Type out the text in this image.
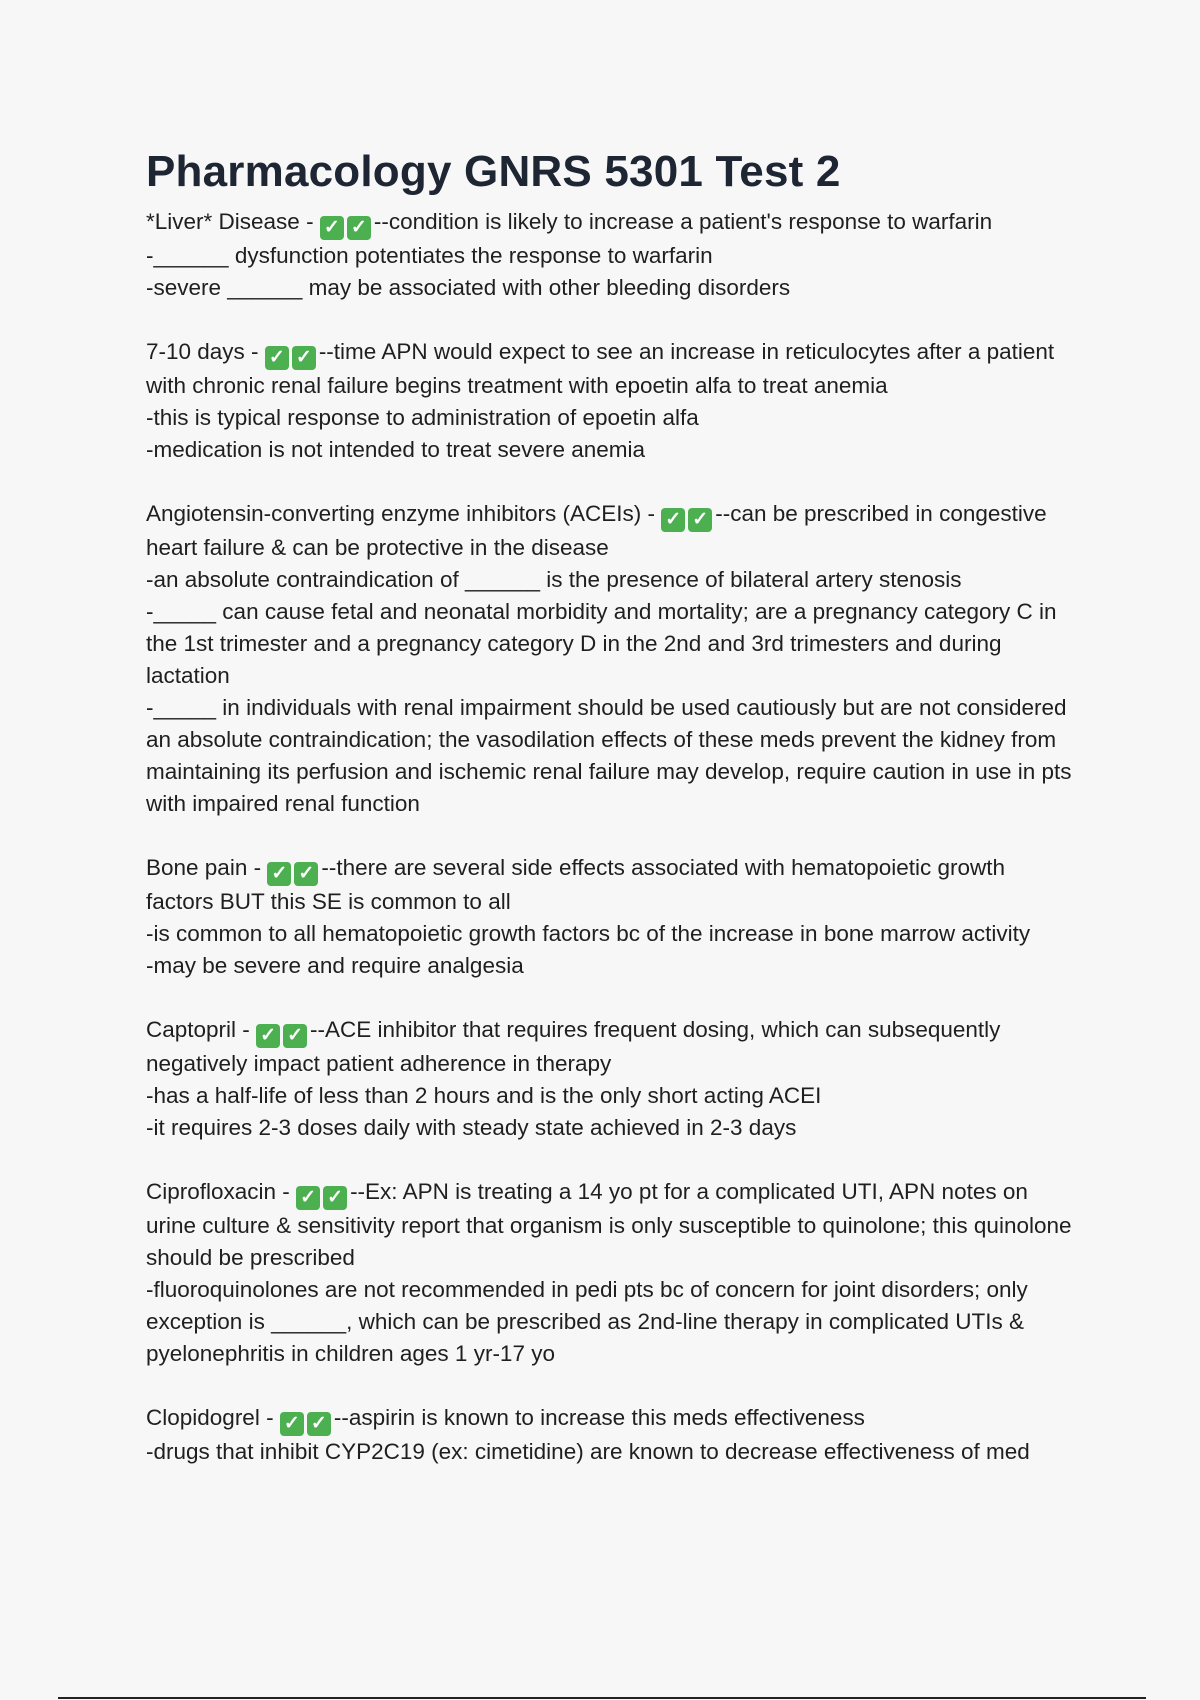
Pharmacology GNRS 5301 Test 2

*Liver* Disease - ✓ ✓ --condition is likely to increase a patient's response to warfarin

-______ dysfunction potentiates the response to warfarin

-severe ______ may be associated with other bleeding disorders

7-10 days - ✓ ✓ --time APN would expect to see an increase in reticulocytes after a patient with chronic renal failure begins treatment with epoetin alfa to treat anemia

-this is typical response to administration of epoetin alfa

-medication is not intended to treat severe anemia

Angiotensin-converting enzyme inhibitors (ACEIs) - ✓ ✓ --can be prescribed in congestive heart failure & can be protective in the disease

-an absolute contraindication of ______ is the presence of bilateral artery stenosis

-_____ can cause fetal and neonatal morbidity and mortality; are a pregnancy category C in the 1st trimester and a pregnancy category D in the 2nd and 3rd trimesters and during lactation

-_____ in individuals with renal impairment should be used cautiously but are not considered an absolute contraindication; the vasodilation effects of these meds prevent the kidney from maintaining its perfusion and ischemic renal failure may develop, require caution in use in pts with impaired renal function

Bone pain - ✓ ✓ --there are several side effects associated with hematopoietic growth factors BUT this SE is common to all

-is common to all hematopoietic growth factors bc of the increase in bone marrow activity

-may be severe and require analgesia

Captopril - ✓ ✓ --ACE inhibitor that requires frequent dosing, which can subsequently negatively impact patient adherence in therapy

-has a half-life of less than 2 hours and is the only short acting ACEI

-it requires 2-3 doses daily with steady state achieved in 2-3 days

Ciprofloxacin - ✓ ✓ --Ex: APN is treating a 14 yo pt for a complicated UTI, APN notes on urine culture & sensitivity report that organism is only susceptible to quinolone; this quinolone should be prescribed

-fluoroquinolones are not recommended in pedi pts bc of concern for joint disorders; only exception is ______, which can be prescribed as 2nd-line therapy in complicated UTIs & pyelonephritis in children ages 1 yr-17 yo

Clopidogrel - ✓ ✓ --aspirin is known to increase this meds effectiveness

-drugs that inhibit CYP2C19 (ex: cimetidine) are known to decrease effectiveness of med
